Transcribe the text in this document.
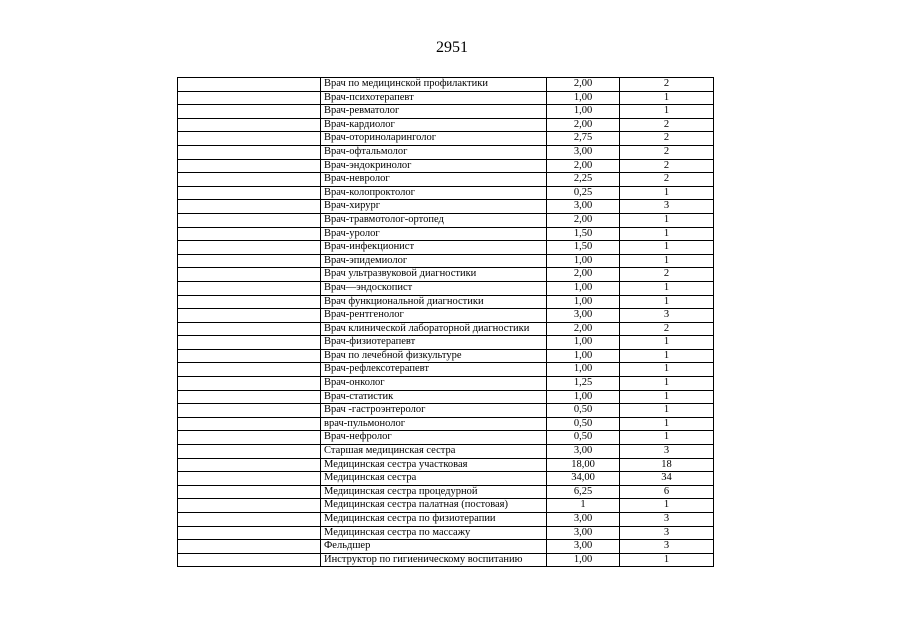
2951
	Врач по медицинской профилактики	2,00	2
	Врач-психотерапевт	1,00	1
	Врач-ревматолог	1,00	1
	Врач-кардиолог	2,00	2
	Врач-оториноларинголог	2,75	2
	Врач-офтальмолог	3,00	2
	Врач-эндокринолог	2,00	2
	Врач-невролог	2,25	2
	Врач-колопроктолог	0,25	1
	Врач-хирург	3,00	3
	Врач-травмотолог-ортопед	2,00	1
	Врач-уролог	1,50	1
	Врач-инфекционист	1,50	1
	Врач-эпидемиолог	1,00	1
	Врач ультразвуковой диагностики	2,00	2
	Врач—эндоскопист	1,00	1
	Врач функциональной диагностики	1,00	1
	Врач-рентгенолог	3,00	3
	Врач клинической лабораторной диагностики	2,00	2
	Врач-физиотерапевт	1,00	1
	Врач по лечебной физкультуре	1,00	1
	Врач-рефлексотерапевт	1,00	1
	Врач-онколог	1,25	1
	Врач-статистик	1,00	1
	Врач -гастроэнтеролог	0,50	1
	врач-пульмонолог	0,50	1
	Врач-нефролог	0,50	1
	Старшая медицинская сестра	3,00	3
	Медицинская сестра участковая	18,00	18
	Медицинская сестра	34,00	34
	Медицинская сестра процедурной	6,25	6
	Медицинская сестра палатная (постовая)	1	1
	Медицинская сестра по физиотерапии	3,00	3
	Медицинская сестра по массажу	3,00	3
	Фельдшер	3,00	3
	Инструктор по гигиеническому воспитанию	1,00	1
